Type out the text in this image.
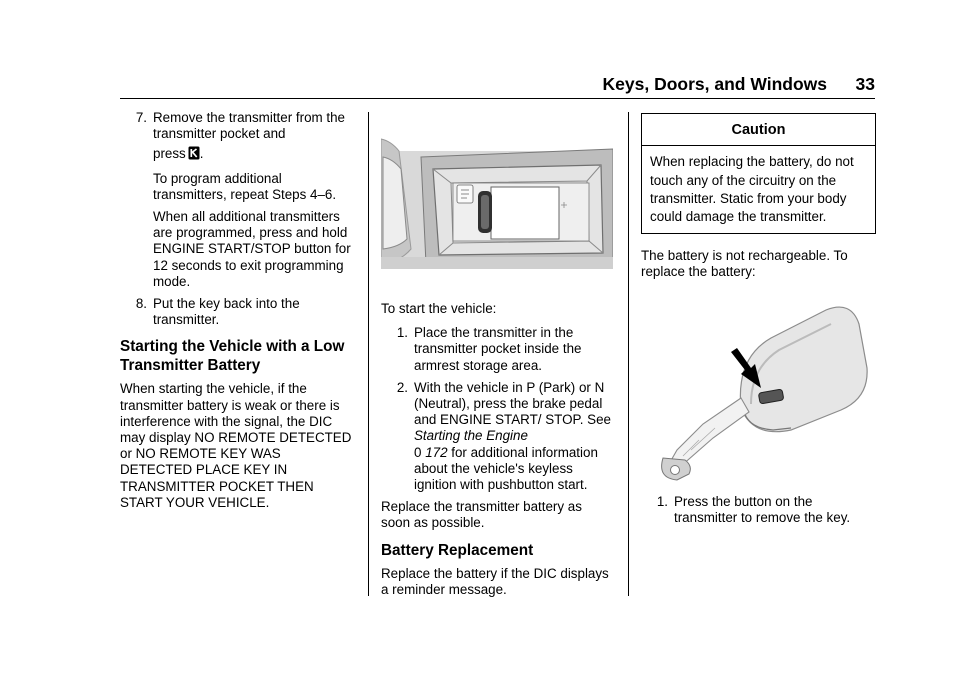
Keys, Doors, and Windows 33
7. Remove the transmitter from the transmitter pocket and
press .
To program additional transmitters, repeat Steps 4–6.
When all additional transmitters are programmed, press and hold ENGINE START/STOP button for 12 seconds to exit programming mode.
8. Put the key back into the transmitter.
Starting the Vehicle with a Low Transmitter Battery

When starting the vehicle, if the transmitter battery is weak or there is interference with the signal, the DIC may display NO REMOTE DETECTED or NO REMOTE KEY WAS DETECTED PLACE KEY IN TRANSMITTER POCKET THEN START YOUR VEHICLE.

To start the vehicle:

1. Place the transmitter in the transmitter pocket inside the armrest storage area.
2. With the vehicle in P (Park) or N (Neutral), press the brake pedal and ENGINE START/ STOP. See Starting the Engine
0 172 for additional information about the vehicle's keyless ignition with pushbutton start.

Replace the transmitter battery as soon as possible.

Battery Replacement

Replace the battery if the DIC displays a reminder message.

Caution
When replacing the battery, do not touch any of the circuitry on the transmitter. Static from your body could damage the transmitter.

The battery is not rechargeable. To replace the battery:

1. Press the button on the transmitter to remove the key.
